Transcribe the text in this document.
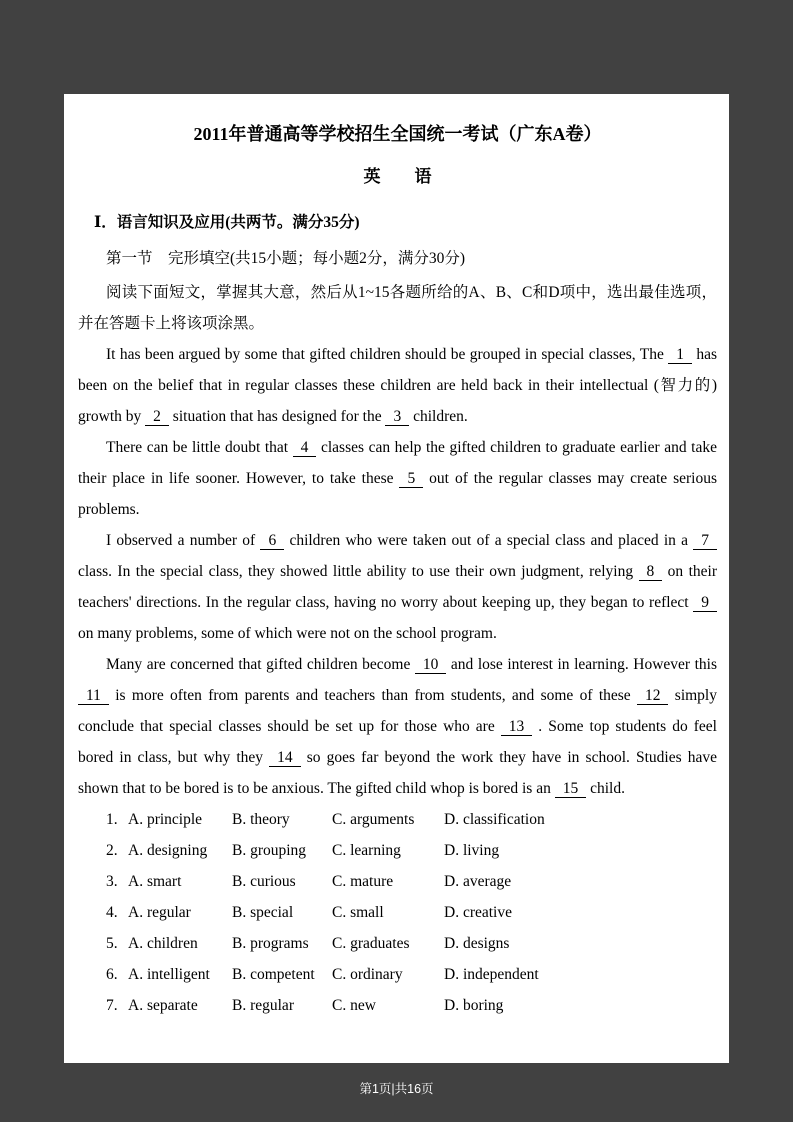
2011年普通高等学校招生全国统一考试（广东A卷）
英　　语
Ⅰ．语言知识及应用(共两节。满分35分)
第一节　完形填空(共15小题；每小题2分，满分30分)
阅读下面短文，掌握其大意，然后从1~15各题所给的A、B、C和D项中，选出最佳选项，并在答题卡上将该项涂黑。
It has been argued by some that gifted children should be grouped in special classes, The 1 has been on the belief that in regular classes these children are held back in their intellectual (智力的) growth by 2 situation that has designed for the 3 children.
There can be little doubt that 4 classes can help the gifted children to graduate earlier and take their place in life sooner. However, to take these 5 out of the regular classes may create serious problems.
I observed a number of 6 children who were taken out of a special class and placed in a 7 class. In the special class, they showed little ability to use their own judgment, relying 8 on their teachers' directions. In the regular class, having no worry about keeping up, they began to reflect 9 on many problems, some of which were not on the school program.
Many are concerned that gifted children become 10 and lose interest in learning. However this 11 is more often from parents and teachers than from students, and some of these 12 simply conclude that special classes should be set up for those who are 13 . Some top students do feel bored in class, but why they 14 so goes far beyond the work they have in school. Studies have shown that to be bored is to be anxious. The gifted child whop is bored is an 15 child.
1. A. principle B. theory	C. arguments D. classification
2. A. designing B. grouping C. learning	D. living
3. A. smart	B. curious C. mature	D. average
4. A. regular	B. special	C. small	D. creative
5. A. children B. programs C. graduates D. designs
6. A. intelligent B. competent C. ordinary	D. independent
7. A. separate B. regular C. new	D. boring
第1页|共16页
